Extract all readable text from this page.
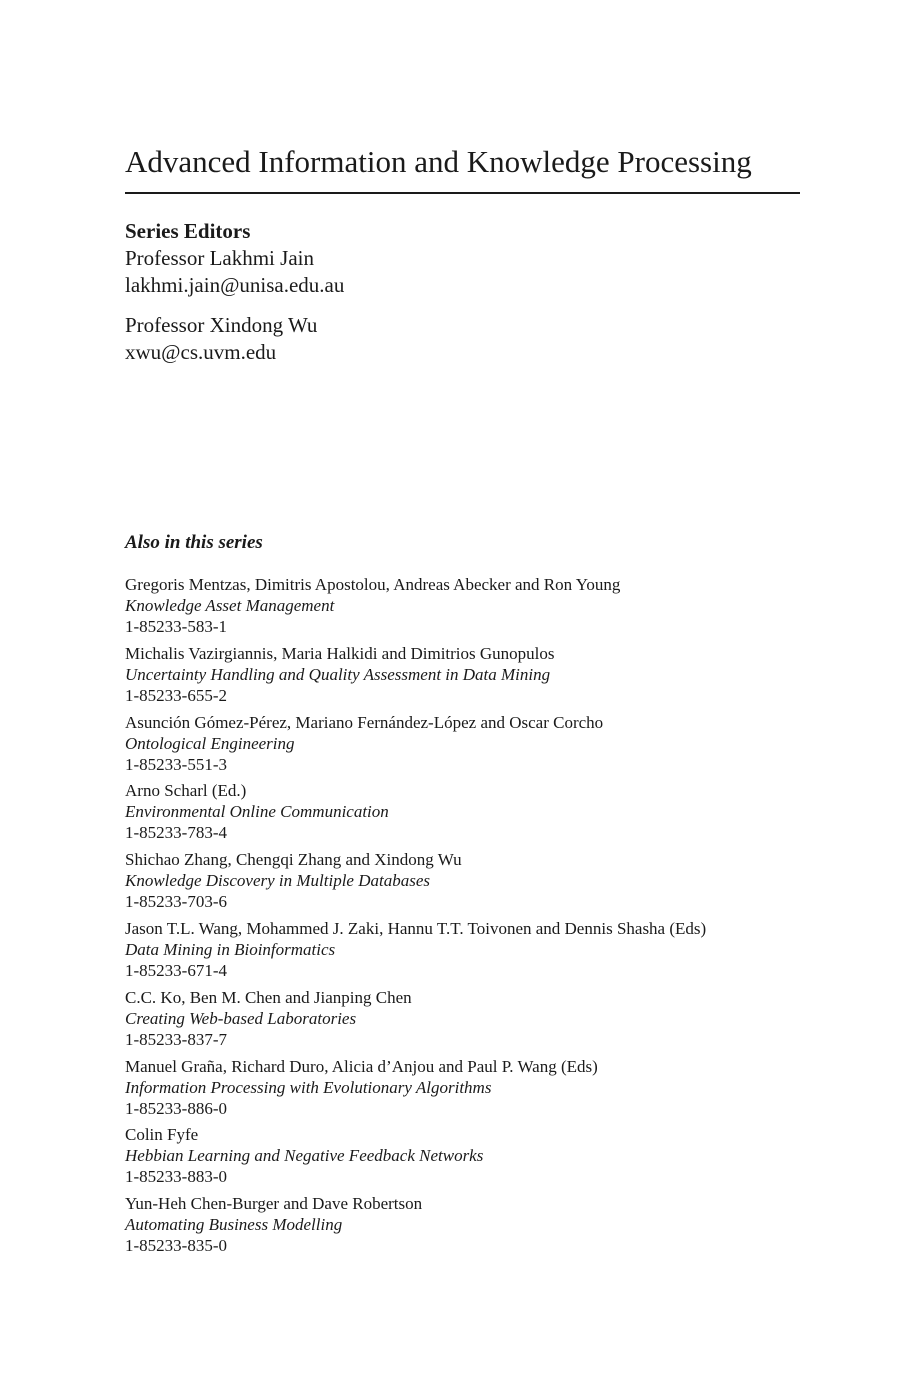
Advanced Information and Knowledge Processing
Series Editors
Professor Lakhmi Jain
lakhmi.jain@unisa.edu.au
Professor Xindong Wu
xwu@cs.uvm.edu
Also in this series
Gregoris Mentzas, Dimitris Apostolou, Andreas Abecker and Ron Young
Knowledge Asset Management
1-85233-583-1
Michalis Vazirgiannis, Maria Halkidi and Dimitrios Gunopulos
Uncertainty Handling and Quality Assessment in Data Mining
1-85233-655-2
Asunción Gómez-Pérez, Mariano Fernández-López and Oscar Corcho
Ontological Engineering
1-85233-551-3
Arno Scharl (Ed.)
Environmental Online Communication
1-85233-783-4
Shichao Zhang, Chengqi Zhang and Xindong Wu
Knowledge Discovery in Multiple Databases
1-85233-703-6
Jason T.L. Wang, Mohammed J. Zaki, Hannu T.T. Toivonen and Dennis Shasha (Eds)
Data Mining in Bioinformatics
1-85233-671-4
C.C. Ko, Ben M. Chen and Jianping Chen
Creating Web-based Laboratories
1-85233-837-7
Manuel Graña, Richard Duro, Alicia d’Anjou and Paul P. Wang (Eds)
Information Processing with Evolutionary Algorithms
1-85233-886-0
Colin Fyfe
Hebbian Learning and Negative Feedback Networks
1-85233-883-0
Yun-Heh Chen-Burger and Dave Robertson
Automating Business Modelling
1-85233-835-0
